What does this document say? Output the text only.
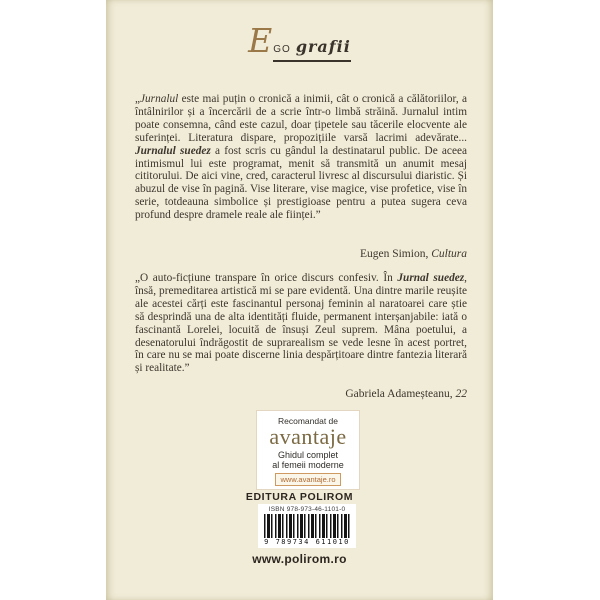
E GO grafii
„Jurnalul este mai puțin o cronică a inimii, cât o cronică a călătoriilor, a întâlnirilor și a încercării de a scrie într-o limbă străină. Jurnalul intim poate consemna, când este cazul, doar țipetele sau tăcerile elocvente ale suferinței. Literatura dispare, propozițiile varsă lacrimi adevărate... Jurnalul suedez a fost scris cu gândul la destinatarul public. De aceea intimismul lui este programat, menit să transmită un anumit mesaj cititorului. De aici vine, cred, caracterul livresc al discursului diaristic. Și abuzul de vise în pagină. Vise literare, vise magice, vise profetice, vise în serie, totdeauna simbolice și prestigioase pentru a putea sugera ceva profund despre dramele reale ale ființei.”
Eugen Simion, Cultura
„O auto-ficțiune transpare în orice discurs confesiv. În Jurnal suedez, însă, premeditarea artistică mi se pare evidentă. Una dintre marile reușite ale acestei cărți este fascinantul personaj feminin al naratoarei care știe să desprindă una de alta identități fluide, permanent interșanjabile: iată o fascinantă Lorelei, locuită de însuși Zeul suprem. Mâna poetului, a desenatorului îndrăgostit de suprarealism se vede lesne în acest portret, în care nu se mai poate discerne linia despărțitoare dintre fantezia literară și realitate.”
Gabriela Adameșteanu, 22
Recomandat de
avantaje
Ghidul complet
al femeii moderne
www.avantaje.ro
EDITURA POLIROM
ISBN 978-973-46-1101-0
9 789734 611010
www.polirom.ro
